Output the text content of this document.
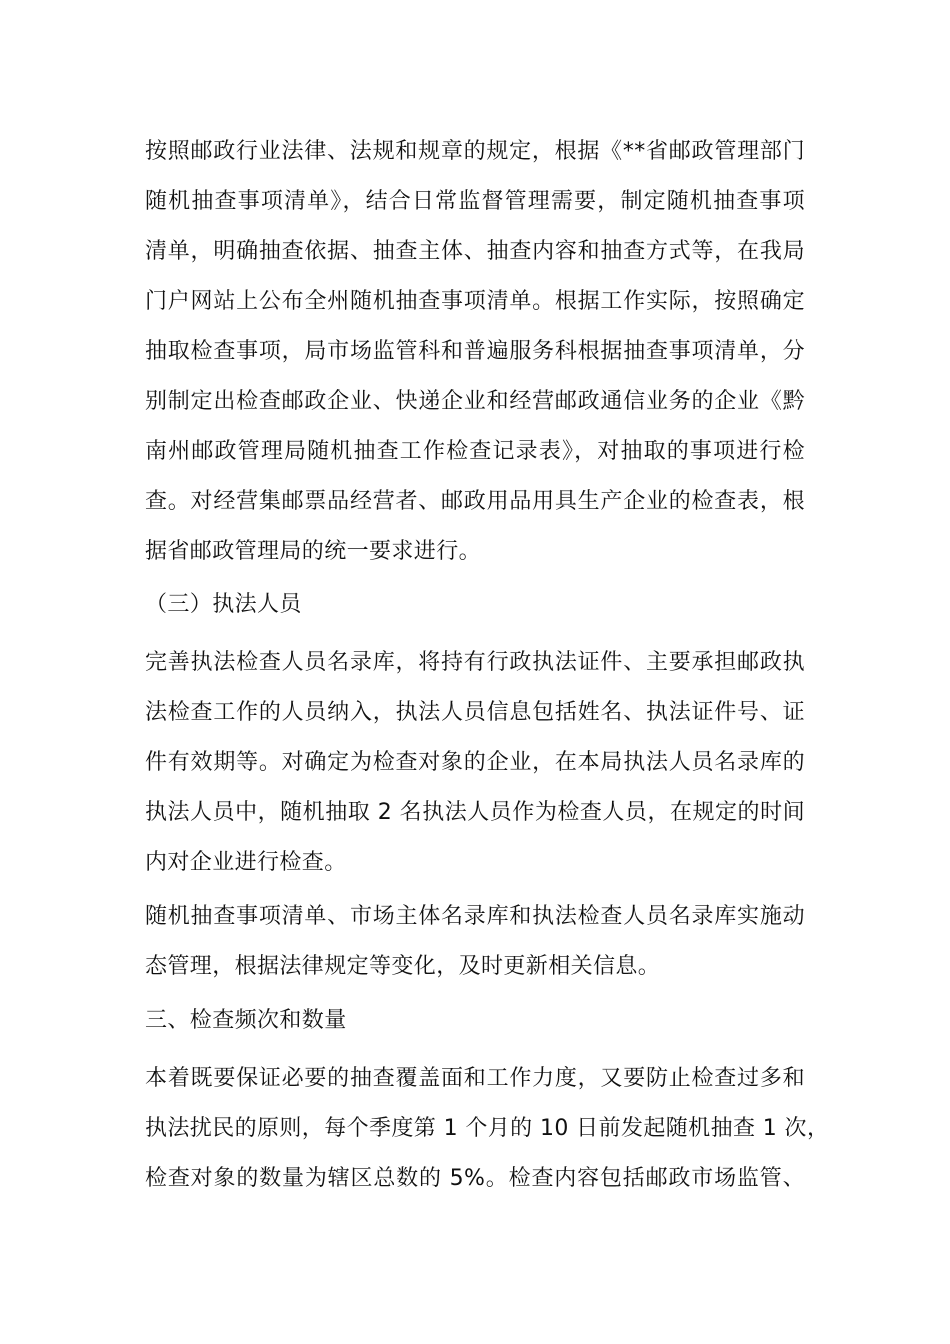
按照邮政行业法律、法规和规章的规定，根据《**省邮政管理部门
随机抽查事项清单》，结合日常监督管理需要，制定随机抽查事项
清单，明确抽查依据、抽查主体、抽查内容和抽查方式等，在我局
门户网站上公布全州随机抽查事项清单。根据工作实际，按照确定
抽取检查事项，局市场监管科和普遍服务科根据抽查事项清单，分
别制定出检查邮政企业、快递企业和经营邮政通信业务的企业《黔
南州邮政管理局随机抽查工作检查记录表》，对抽取的事项进行检
查。对经营集邮票品经营者、邮政用品用具生产企业的检查表，根
据省邮政管理局的统一要求进行。
（三）执法人员
完善执法检查人员名录库，将持有行政执法证件、主要承担邮政执
法检查工作的人员纳入，执法人员信息包括姓名、执法证件号、证
件有效期等。对确定为检查对象的企业，在本局执法人员名录库的
执法人员中，随机抽取 2 名执法人员作为检查人员，在规定的时间
内对企业进行检查。
随机抽查事项清单、市场主体名录库和执法检查人员名录库实施动
态管理，根据法律规定等变化，及时更新相关信息。
三、检查频次和数量
本着既要保证必要的抽查覆盖面和工作力度，又要防止检查过多和
执法扰民的原则，每个季度第 1 个月的 10 日前发起随机抽查 1 次，
检查对象的数量为辖区总数的 5%。检查内容包括邮政市场监管、
